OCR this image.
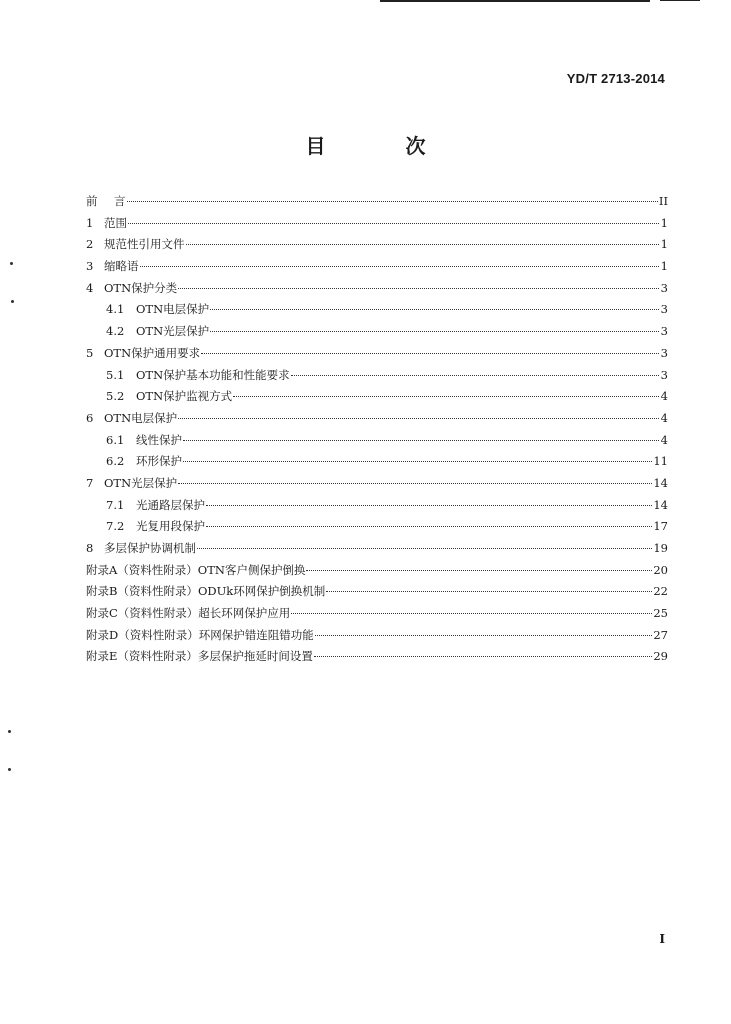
YD/T 2713-2014
目　次
前	言	II
1 范围	1
2 规范性引用文件	1
3 缩略语	1
4 OTN保护分类	3
4.1	OTN电层保护	3
4.2	OTN光层保护	3
5 OTN保护通用要求	3
5.1	OTN保护基本功能和性能要求	3
5.2	OTN保护监视方式	4
6 OTN电层保护	4
6.1	线性保护	4
6.2	环形保护	11
7 OTN光层保护	14
7.1	光通路层保护	14
7.2	光复用段保护	17
8 多层保护协调机制	19
附录A（资料性附录）OTN客户侧保护倒换	20
附录B（资料性附录）ODUk环网保护倒换机制	22
附录C（资料性附录）超长环网保护应用	25
附录D（资料性附录）环网保护错连阻错功能	27
附录E（资料性附录）多层保护拖延时间设置	29
I
